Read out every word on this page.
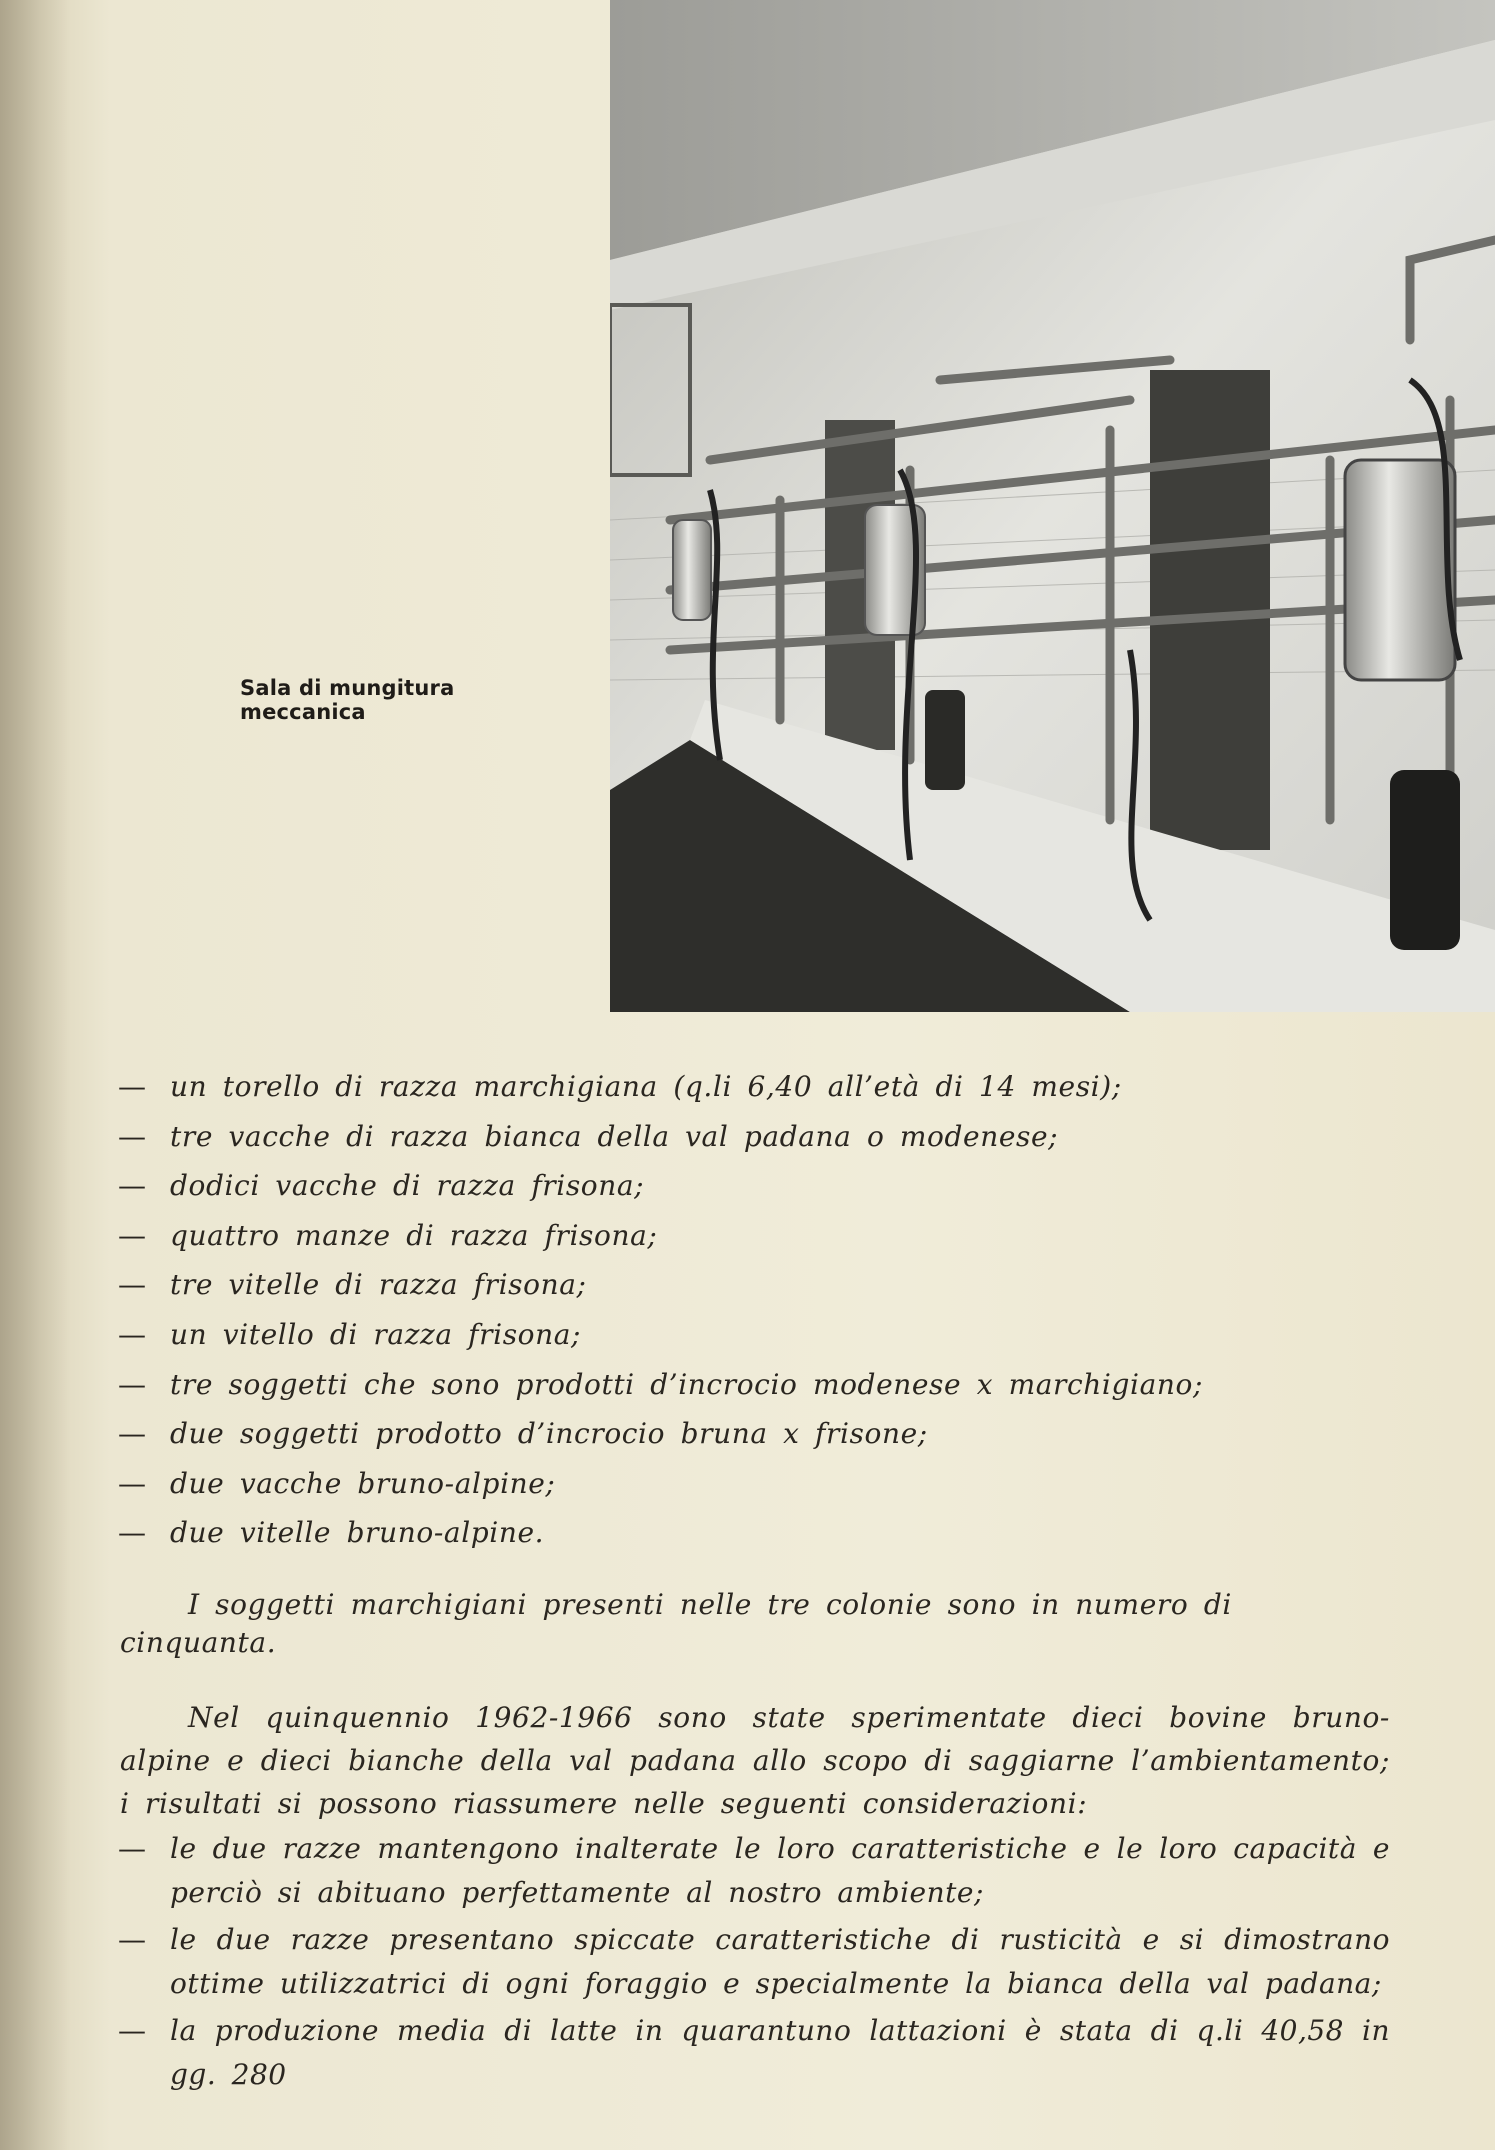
Sala di mungitura meccanica
— un torello di razza marchigiana (q.li 6,40 all’età di 14 mesi);
— tre vacche di razza bianca della val padana o modenese;
— dodici vacche di razza frisona;
— quattro manze di razza frisona;
— tre vitelle di razza frisona;
— un vitello di razza frisona;
— tre soggetti che sono prodotti d’incrocio modenese x marchigiano;
— due soggetti prodotto d’incrocio bruna x frisone;
— due vacche bruno-alpine;
— due vitelle bruno-alpine.

I soggetti marchigiani presenti nelle tre colonie sono in numero di cinquanta.

Nel quinquennio 1962-1966 sono state sperimentate dieci bovine bruno-alpine e dieci bianche della val padana allo scopo di saggiarne l’ambientamento; i risultati si possono riassumere nelle seguenti considerazioni:

— le due razze mantengono inalterate le loro caratteristiche e le loro capacità e perciò si abituano perfettamente al nostro ambiente;
— le due razze presentano spiccate caratteristiche di rusticità e si dimostrano ottime utilizzatrici di ogni foraggio e specialmente la bianca della val padana;
— la produzione media di latte in quarantuno lattazioni è stata di q.li 40,58 in gg. 280
